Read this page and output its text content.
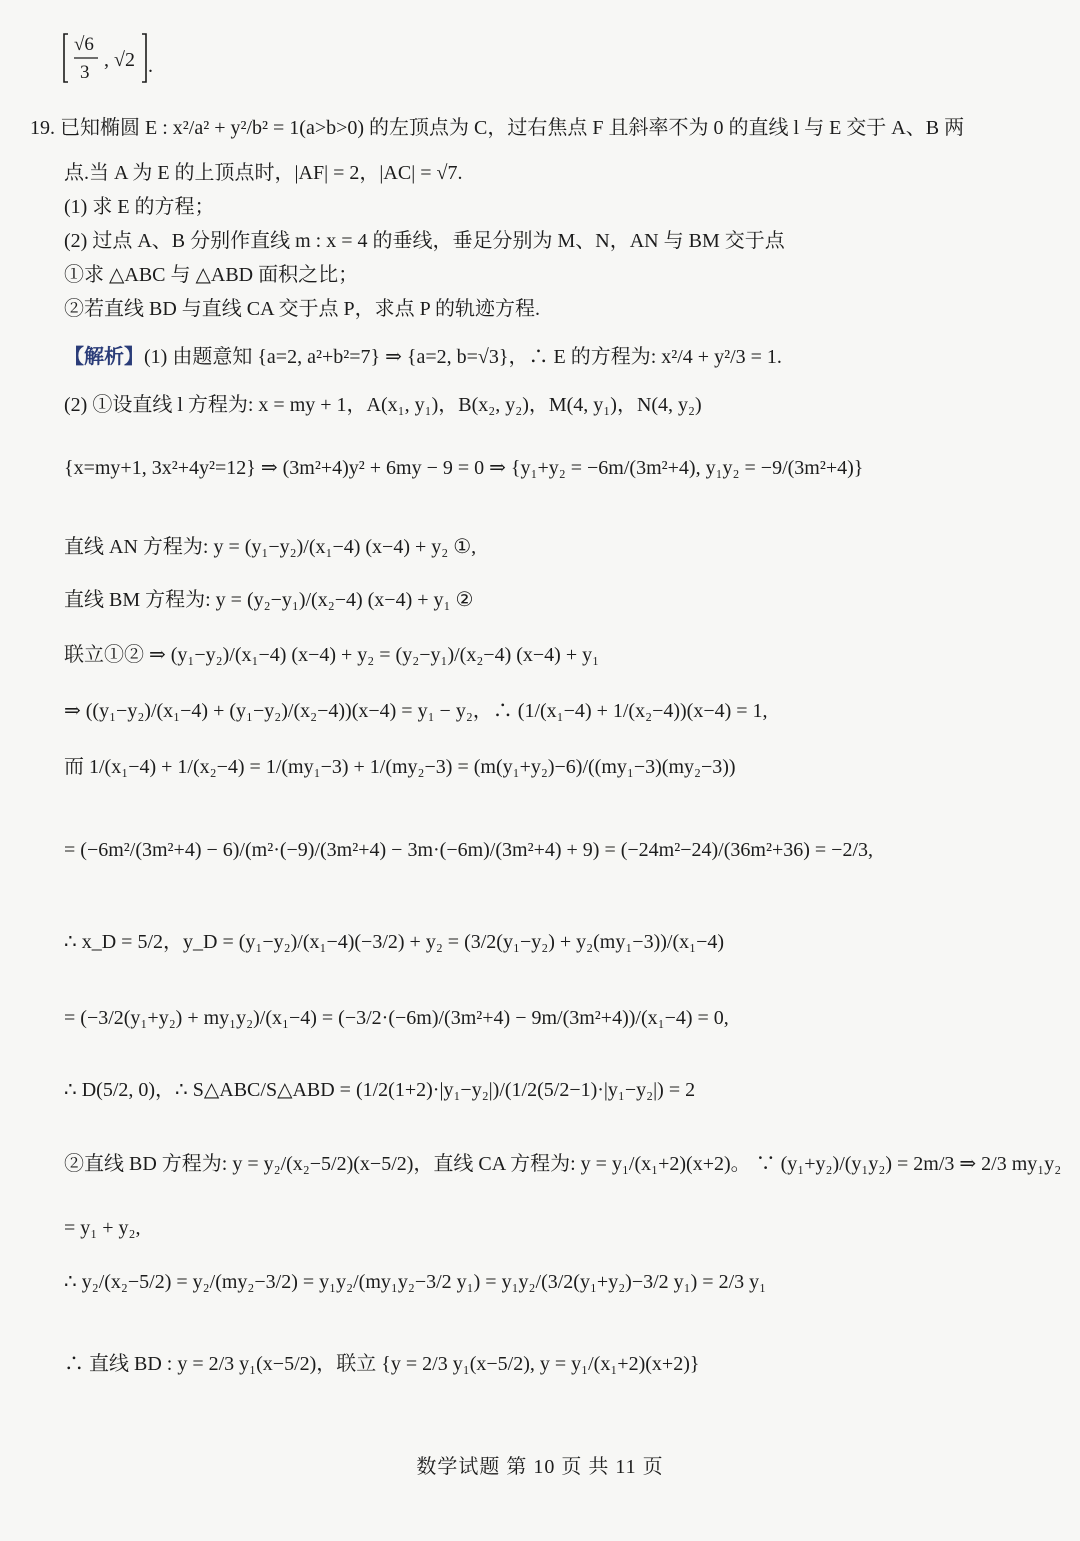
√6
3
, √2 .
19. 已知椭圆 E : x²/a² + y²/b² = 1(a>b>0) 的左顶点为 C，过右焦点 F 且斜率不为 0 的直线 l 与 E 交于 A、B 两
点.当 A 为 E 的上顶点时，|AF| = 2，|AC| = √7.
(1) 求 E 的方程；
(2) 过点 A、B 分别作直线 m : x = 4 的垂线，垂足分别为 M、N，AN 与 BM 交于点
①求 △ABC 与 △ABD 面积之比；
②若直线 BD 与直线 CA 交于点 P，求点 P 的轨迹方程.
【解析】(1) 由题意知 {a=2, a²+b²=7} ⇒ {a=2, b=√3}，∴ E 的方程为: x²/4 + y²/3 = 1.
(2) ①设直线 l 方程为: x = my + 1，A(x₁, y₁)，B(x₂, y₂)，M(4, y₁)，N(4, y₂)
{x=my+1, 3x²+4y²=12} ⇒ (3m²+4)y² + 6my − 9 = 0 ⇒ {y₁+y₂ = −6m/(3m²+4), y₁y₂ = −9/(3m²+4)}
直线 AN 方程为: y = (y₁−y₂)/(x₁−4) (x−4) + y₂ ①,
直线 BM 方程为: y = (y₂−y₁)/(x₂−4) (x−4) + y₁ ②
联立①② ⇒ (y₁−y₂)/(x₁−4) (x−4) + y₂ = (y₂−y₁)/(x₂−4) (x−4) + y₁
⇒ ((y₁−y₂)/(x₁−4) + (y₁−y₂)/(x₂−4))(x−4) = y₁ − y₂，∴ (1/(x₁−4) + 1/(x₂−4))(x−4) = 1,
而 1/(x₁−4) + 1/(x₂−4) = 1/(my₁−3) + 1/(my₂−3) = (m(y₁+y₂)−6)/((my₁−3)(my₂−3))
= (−6m²/(3m²+4) − 6)/(m²·(−9)/(3m²+4) − 3m·(−6m)/(3m²+4) + 9) = (−24m²−24)/(36m²+36) = −2/3,
∴ x_D = 5/2，y_D = (y₁−y₂)/(x₁−4)(−3/2) + y₂ = (3/2(y₁−y₂) + y₂(my₁−3))/(x₁−4)
= (−3/2(y₁+y₂) + my₁y₂)/(x₁−4) = (−3/2·(−6m)/(3m²+4) − 9m/(3m²+4))/(x₁−4) = 0,
∴ D(5/2, 0)，∴ S△ABC/S△ABD = (1/2(1+2)·|y₁−y₂|)/(1/2(5/2−1)·|y₁−y₂|) = 2
②直线 BD 方程为: y = y₂/(x₂−5/2)(x−5/2)，直线 CA 方程为: y = y₁/(x₁+2)(x+2)。 ∵ (y₁+y₂)/(y₁y₂) = 2m/3 ⇒ 2/3 my₁y₂
= y₁ + y₂,
∴ y₂/(x₂−5/2) = y₂/(my₂−3/2) = y₁y₂/(my₁y₂−3/2 y₁) = y₁y₂/(3/2(y₁+y₂)−3/2 y₁) = 2/3 y₁
∴ 直线 BD : y = 2/3 y₁(x−5/2)，联立 {y = 2/3 y₁(x−5/2), y = y₁/(x₁+2)(x+2)}
数学试题 第 10 页 共 11 页
